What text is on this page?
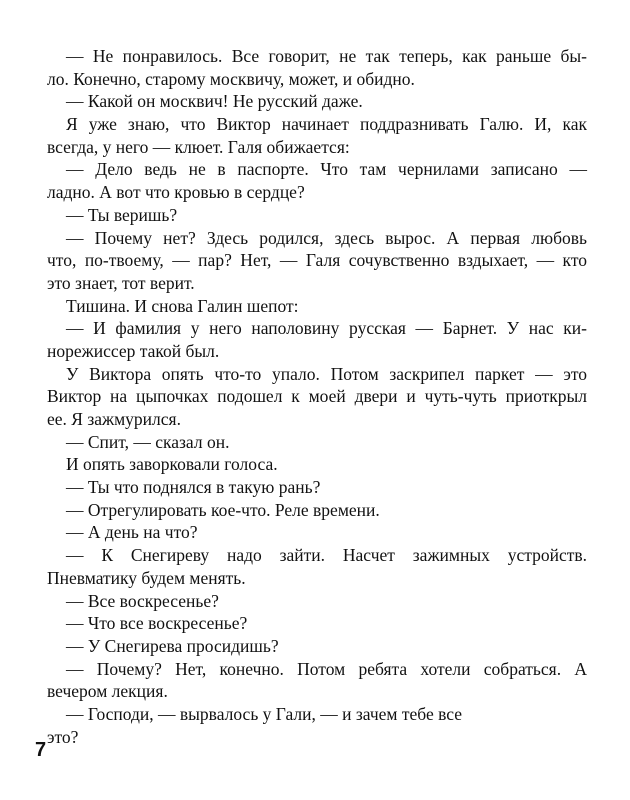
— Не понравилось. Все говорит, не так теперь, как раньше бы-
ло. Конечно, старому москвичу, может, и обидно.
— Какой он москвич! Не русский даже.
Я уже знаю, что Виктор начинает поддразнивать Галю. И, как
всегда, у него — клюет. Галя обижается:
— Дело ведь не в паспорте. Что там чернилами записано —
ладно. А вот что кровью в сердце?
— Ты веришь?
— Почему нет? Здесь родился, здесь вырос. А первая любовь
что, по-твоему, — пар? Нет, — Галя сочувственно вздыхает, — кто
это знает, тот верит.
Тишина. И снова Галин шепот:
— И фамилия у него наполовину русская — Барнет. У нас ки-
норежиссер такой был.
У Виктора опять что-то упало. Потом заскрипел паркет — это
Виктор на цыпочках подошел к моей двери и чуть-чуть приоткрыл
ее. Я зажмурился.
— Спит, — сказал он.
И опять заворковали голоса.
— Ты что поднялся в такую рань?
— Отрегулировать кое-что. Реле времени.
— А день на что?
— К Снегиреву надо зайти. Насчет зажимных устройств.
Пневматику будем менять.
— Все воскресенье?
— Что все воскресенье?
— У Снегирева просидишь?
— Почему? Нет, конечно. Потом ребята хотели собраться. А
вечером лекция.
— Господи, — вырвалось у Гали, — и зачем тебе все
это?
7
